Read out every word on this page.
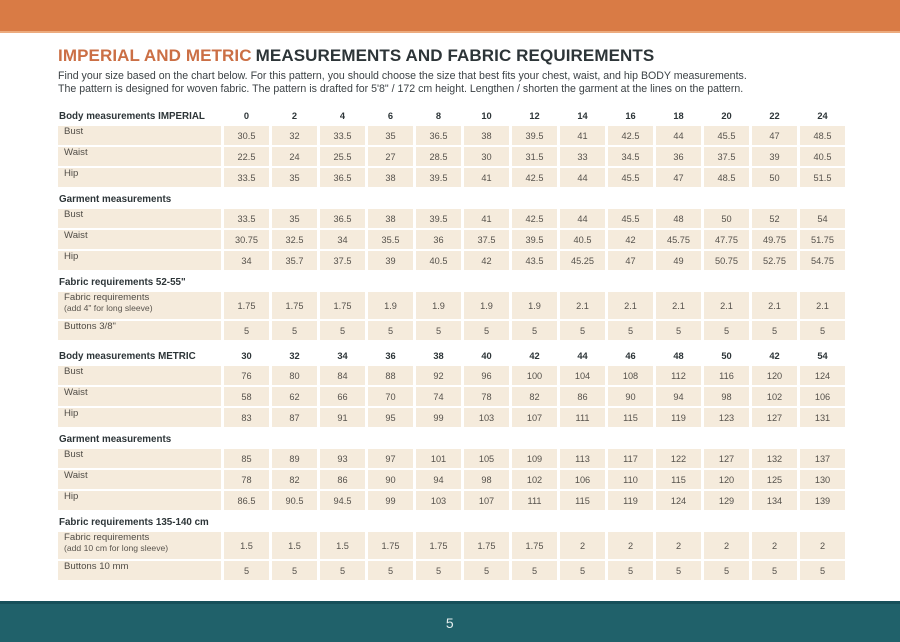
IMPERIAL AND METRIC MEASUREMENTS AND FABRIC REQUIREMENTS
Find your size based on the chart below. For this pattern, you should choose the size that best fits your chest, waist, and hip BODY measurements.
The pattern is designed for woven fabric. The pattern is drafted for 5'8" / 172 cm height. Lengthen / shorten the garment at the lines on the pattern.
Body measurements IMPERIAL	0	2	4	6	8	10	12	14	16	18	20	22	24
Bust	30.5	32	33.5	35	36.5	38	39.5	41	42.5	44	45.5	47	48.5
Waist	22.5	24	25.5	27	28.5	30	31.5	33	34.5	36	37.5	39	40.5
Hip	33.5	35	36.5	38	39.5	41	42.5	44	45.5	47	48.5	50	51.5
Garment measurements
Bust	33.5	35	36.5	38	39.5	41	42.5	44	45.5	48	50	52	54
Waist	30.75	32.5	34	35.5	36	37.5	39.5	40.5	42	45.75	47.75	49.75	51.75
Hip	34	35.7	37.5	39	40.5	42	43.5	45.25	47	49	50.75	52.75	54.75
Fabric requirements 52-55"
Fabric requirements
(add 4" for long sleeve)	1.75	1.75	1.75	1.9	1.9	1.9	1.9	2.1	2.1	2.1	2.1	2.1	2.1
Buttons 3/8"	5	5	5	5	5	5	5	5	5	5	5	5	5
Body measurements METRIC	30	32	34	36	38	40	42	44	46	48	50	42	54
Bust	76	80	84	88	92	96	100	104	108	112	116	120	124
Waist	58	62	66	70	74	78	82	86	90	94	98	102	106
Hip	83	87	91	95	99	103	107	111	115	119	123	127	131
Garment measurements
Bust	85	89	93	97	101	105	109	113	117	122	127	132	137
Waist	78	82	86	90	94	98	102	106	110	115	120	125	130
Hip	86.5	90.5	94.5	99	103	107	111	115	119	124	129	134	139
Fabric requirements 135-140 cm
Fabric requirements
(add 10 cm for long sleeve)	1.5	1.5	1.5	1.75	1.75	1.75	1.75	2	2	2	2	2	2
Buttons 10 mm	5	5	5	5	5	5	5	5	5	5	5	5	5
5
